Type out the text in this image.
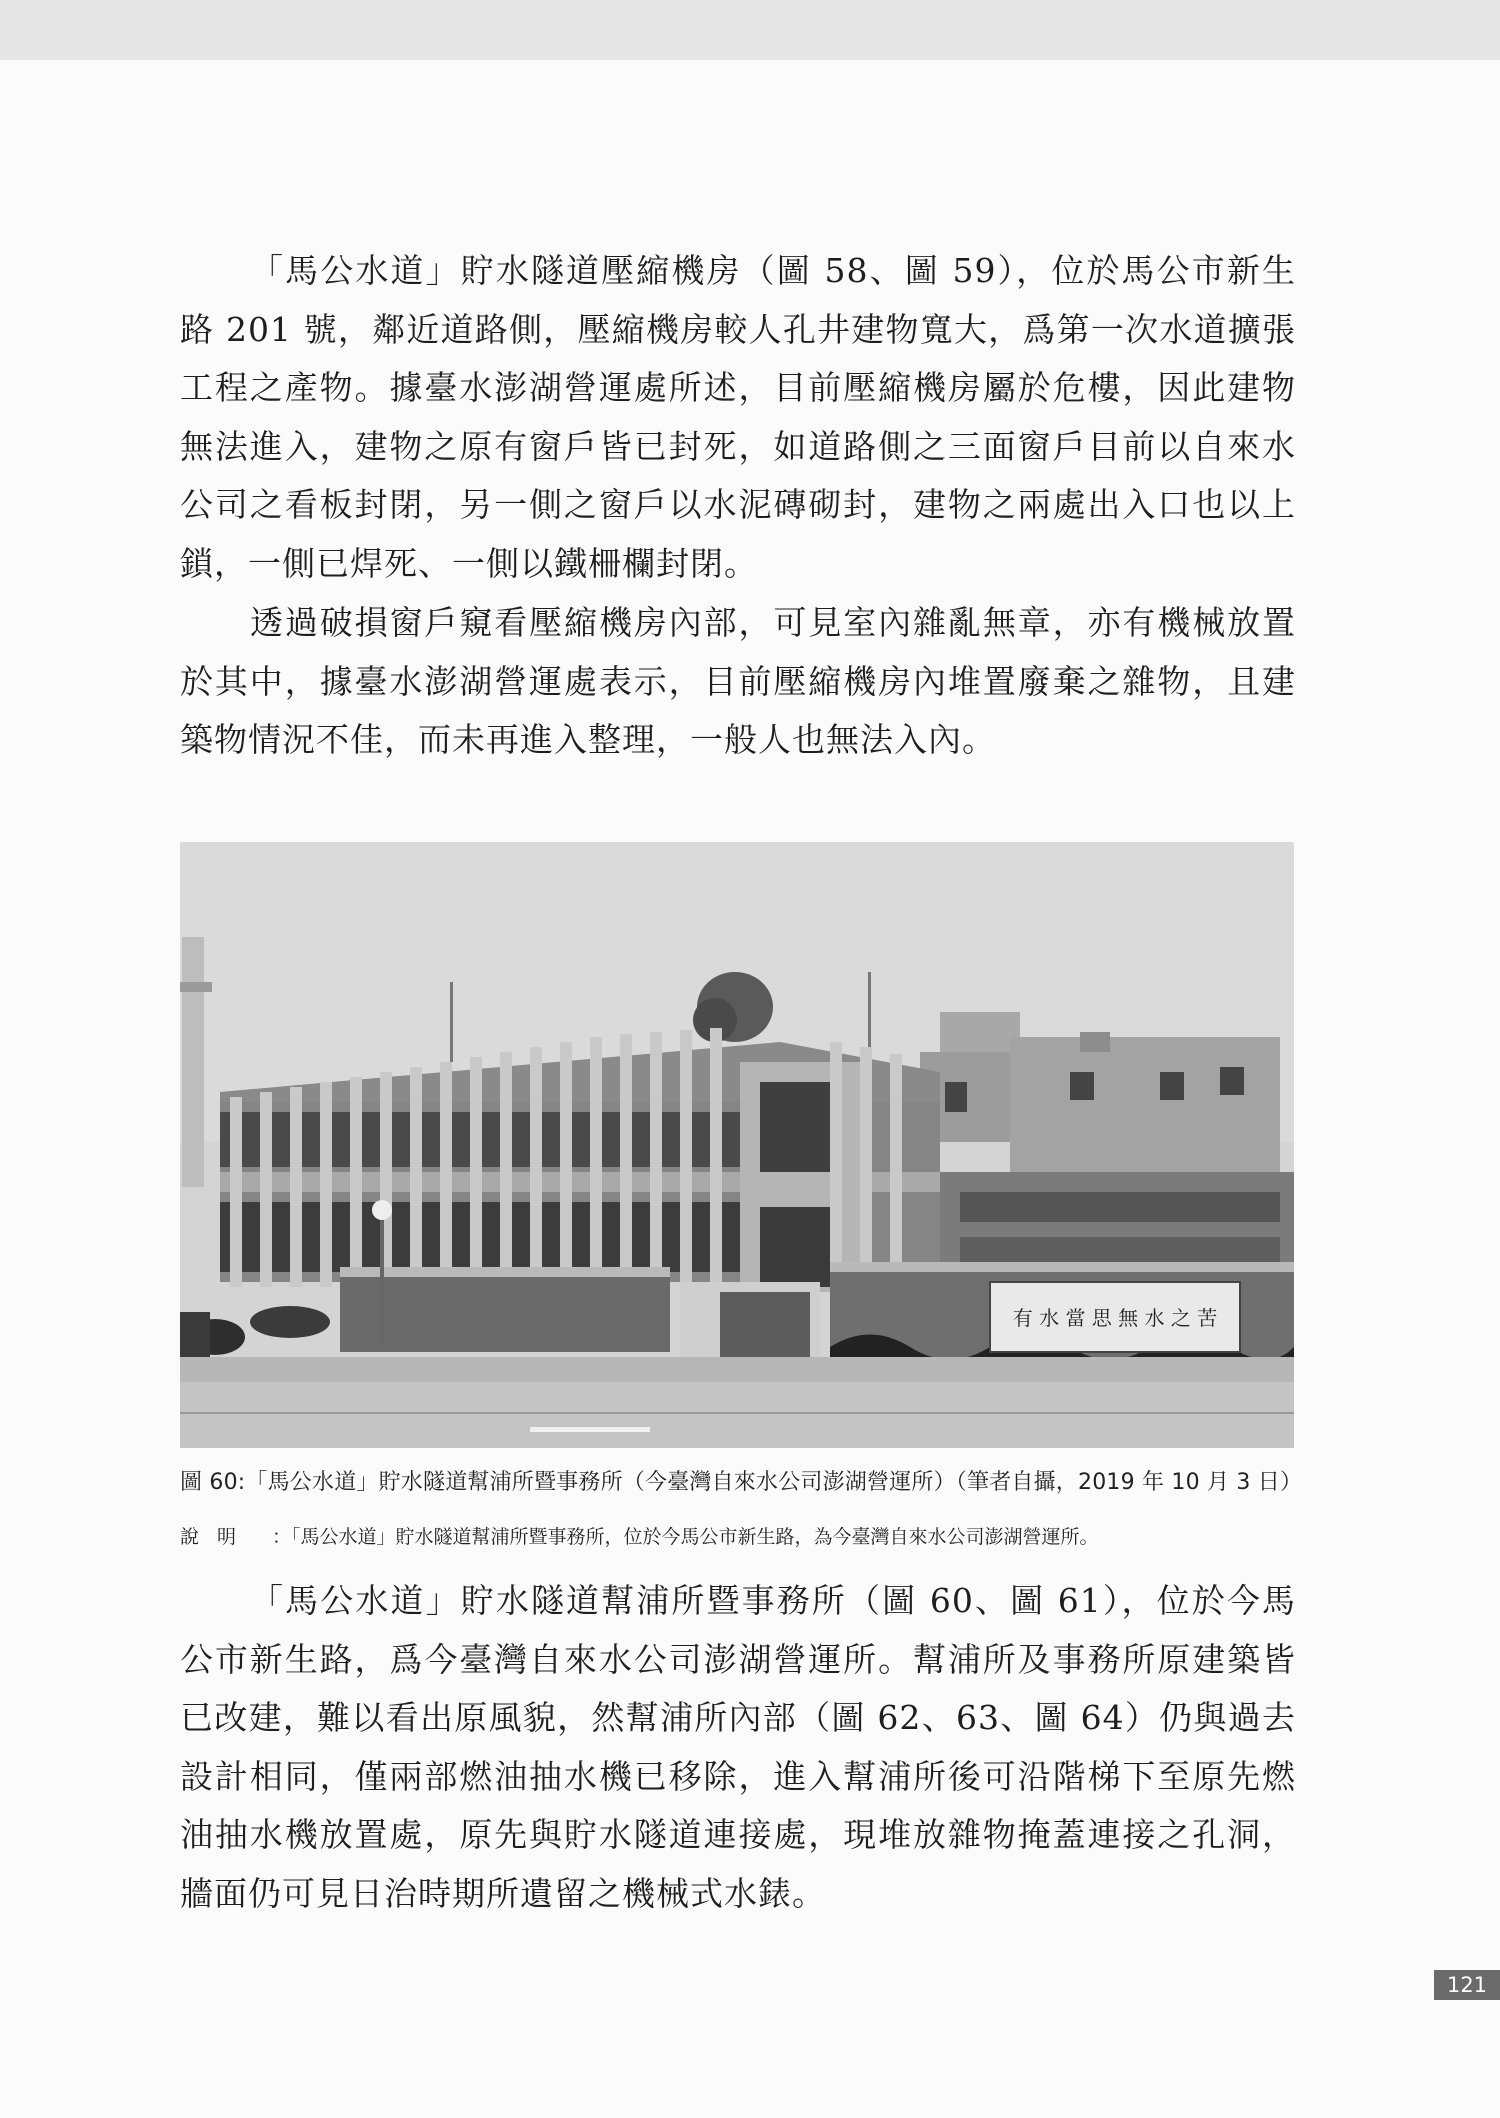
「馬公水道」貯水隧道壓縮機房（圖 58、圖 59），位於馬公市新生路 201 號，鄰近道路側，壓縮機房較人孔井建物寬大，爲第一次水道擴張工程之產物。據臺水澎湖營運處所述，目前壓縮機房屬於危樓，因此建物無法進入，建物之原有窗戶皆已封死，如道路側之三面窗戶目前以自來水公司之看板封閉，另一側之窗戶以水泥磚砌封，建物之兩處出入口也以上鎖，一側已焊死、一側以鐵柵欄封閉。

透過破損窗戶窺看壓縮機房內部，可見室內雜亂無章，亦有機械放置於其中，據臺水澎湖營運處表示，目前壓縮機房內堆置廢棄之雜物，且建築物情況不佳，而未再進入整理，一般人也無法入內。

有 水 當 思 無 水 之 苦

圖 60:「馬公水道」貯水隧道幫浦所暨事務所（今臺灣自來水公司澎湖營運所）（筆者自攝，2019 年 10 月 3 日）

說明 ：「馬公水道」貯水隧道幫浦所暨事務所，位於今馬公市新生路，為今臺灣自來水公司澎湖營運所。

「馬公水道」貯水隧道幫浦所暨事務所（圖 60、圖 61），位於今馬公市新生路，爲今臺灣自來水公司澎湖營運所。幫浦所及事務所原建築皆已改建，難以看出原風貌，然幫浦所內部（圖 62、63、圖 64）仍與過去設計相同，僅兩部燃油抽水機已移除，進入幫浦所後可沿階梯下至原先燃油抽水機放置處，原先與貯水隧道連接處，現堆放雜物掩蓋連接之孔洞，牆面仍可見日治時期所遺留之機械式水錶。

121
